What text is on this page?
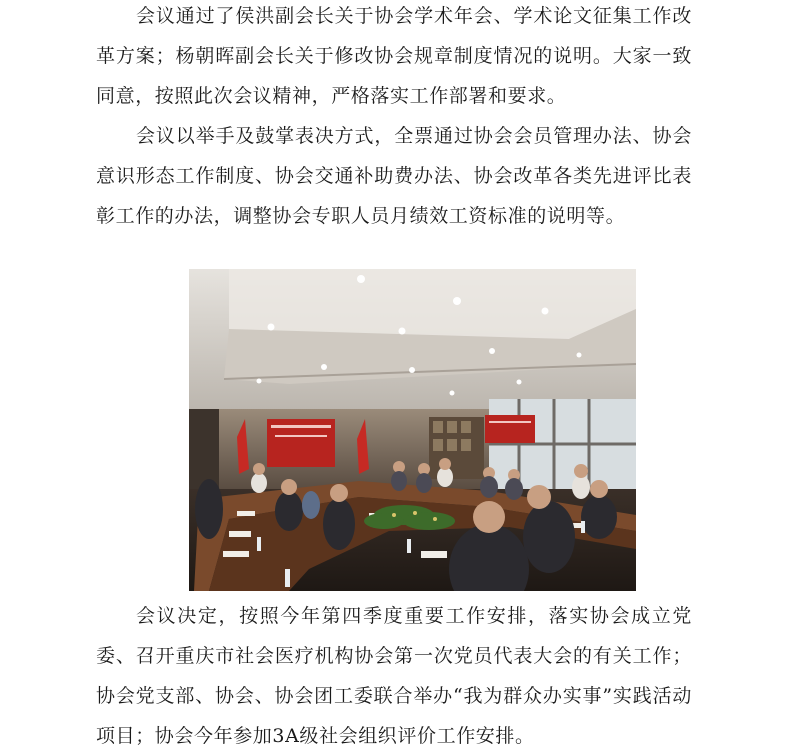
会议通过了侯洪副会长关于协会学术年会、学术论文征集工作改革方案；杨朝晖副会长关于修改协会规章制度情况的说明。大家一致同意，按照此次会议精神，严格落实工作部署和要求。

会议以举手及鼓掌表决方式，全票通过协会会员管理办法、协会意识形态工作制度、协会交通补助费办法、协会改革各类先进评比表彰工作的办法，调整协会专职人员月绩效工资标准的说明等。

会议决定，按照今年第四季度重要工作安排，落实协会成立党委、召开重庆市社会医疗机构协会第一次党员代表大会的有关工作；协会党支部、协会、协会团工委联合举办“我为群众办实事”实践活动项目；协会今年参加3A级社会组织评价工作安排。
